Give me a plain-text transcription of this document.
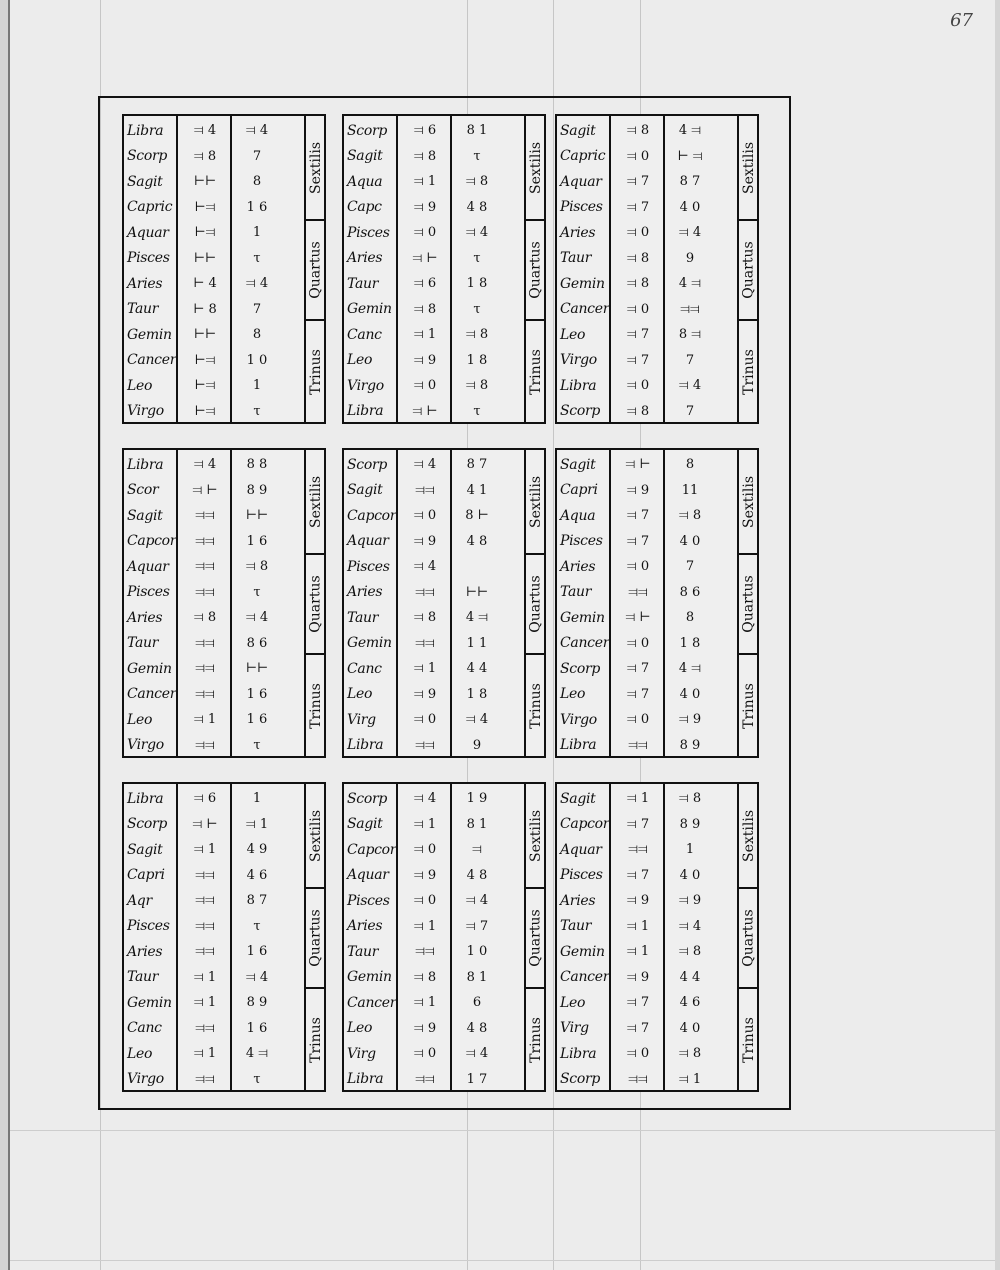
67
Libra	⫤ 4	⫤ 4
Scorp	⫤ 8	7
Sagit	⊢⊢	8
Capric	⊢⫤	1 6
Aquar	⊢⫤	1
Pisces	⊢⊢	τ
Aries	⊢ 4	⫤ 4
Taur	⊢ 8	7
Gemin	⊢⊢	8
Cancer	⊢⫤	1 0
Leo	⊢⫤	1
Virgo	⊢⫤	τ
Sextilis
Quartus
Trinus
Scorp	⫤ 6	8 1
Sagit	⫤ 8	τ
Aqua	⫤ 1	⫤ 8
Capc	⫤ 9	4 8
Pisces	⫤ 0	⫤ 4
Aries	⫤ ⊢	τ
Taur	⫤ 6	1 8
Gemin	⫤ 8	τ
Canc	⫤ 1	⫤ 8
Leo	⫤ 9	1 8
Virgo	⫤ 0	⫤ 8
Libra	⫤ ⊢	τ
Sextilis
Quartus
Trinus
Sagit	⫤ 8	4 ⫤
Capric	⫤ 0	⊢ ⫤
Aquar	⫤ 7	8 7
Pisces	⫤ 7	4 0
Aries	⫤ 0	⫤ 4
Taur	⫤ 8	9
Gemin	⫤ 8	4 ⫤
Cancer	⫤ 0	⫤⫤
Leo	⫤ 7	8 ⫤
Virgo	⫤ 7	7
Libra	⫤ 0	⫤ 4
Scorp	⫤ 8	7
Sextilis
Quartus
Trinus
Libra	⫤ 4	8 8
Scor	⫤ ⊢	8 9
Sagit	⫤⫤	⊢⊢
Capcor	⫤⫤	1 6
Aquar	⫤⫤	⫤ 8
Pisces	⫤⫤	τ
Aries	⫤ 8	⫤ 4
Taur	⫤⫤	8 6
Gemin	⫤⫤	⊢⊢
Cancer	⫤⫤	1 6
Leo	⫤ 1	1 6
Virgo	⫤⫤	τ
Sextilis
Quartus
Trinus
Scorp	⫤ 4	8 7
Sagit	⫤⫤	4 1
Capcor	⫤ 0	8 ⊢
Aquar	⫤ 9	4 8
Pisces	⫤ 4
Aries	⫤⫤	⊢⊢
Taur	⫤ 8	4 ⫤
Gemin	⫤⫤	1 1
Canc	⫤ 1	4 4
Leo	⫤ 9	1 8
Virg	⫤ 0	⫤ 4
Libra	⫤⫤	9
Sextilis
Quartus
Trinus
Sagit	⫤ ⊢	8
Capri	⫤ 9	11
Aqua	⫤ 7	⫤ 8
Pisces	⫤ 7	4 0
Aries	⫤ 0	7
Taur	⫤⫤	8 6
Gemin	⫤ ⊢	8
Cancer	⫤ 0	1 8
Scorp	⫤ 7	4 ⫤
Leo	⫤ 7	4 0
Virgo	⫤ 0	⫤ 9
Libra	⫤⫤	8 9
Sextilis
Quartus
Trinus
Libra	⫤ 6	1
Scorp	⫤ ⊢	⫤ 1
Sagit	⫤ 1	4 9
Capri	⫤⫤	4 6
Aqr	⫤⫤	8 7
Pisces	⫤⫤	τ
Aries	⫤⫤	1 6
Taur	⫤ 1	⫤ 4
Gemin	⫤ 1	8 9
Canc	⫤⫤	1 6
Leo	⫤ 1	4 ⫤
Virgo	⫤⫤	τ
Sextilis
Quartus
Trinus
Scorp	⫤ 4	1 9
Sagit	⫤ 1	8 1
Capcor	⫤ 0	⫤
Aquar	⫤ 9	4 8
Pisces	⫤ 0	⫤ 4
Aries	⫤ 1	⫤ 7
Taur	⫤⫤	1 0
Gemin	⫤ 8	8 1
Cancer	⫤ 1	6
Leo	⫤ 9	4 8
Virg	⫤ 0	⫤ 4
Libra	⫤⫤	1 7
Sextilis
Quartus
Trinus
Sagit	⫤ 1	⫤ 8
Capcor	⫤ 7	8 9
Aquar	⫤⫤	1
Pisces	⫤ 7	4 0
Aries	⫤ 9	⫤ 9
Taur	⫤ 1	⫤ 4
Gemin	⫤ 1	⫤ 8
Cancer	⫤ 9	4 4
Leo	⫤ 7	4 6
Virg	⫤ 7	4 0
Libra	⫤ 0	⫤ 8
Scorp	⫤⫤	⫤ 1
Sextilis
Quartus
Trinus
